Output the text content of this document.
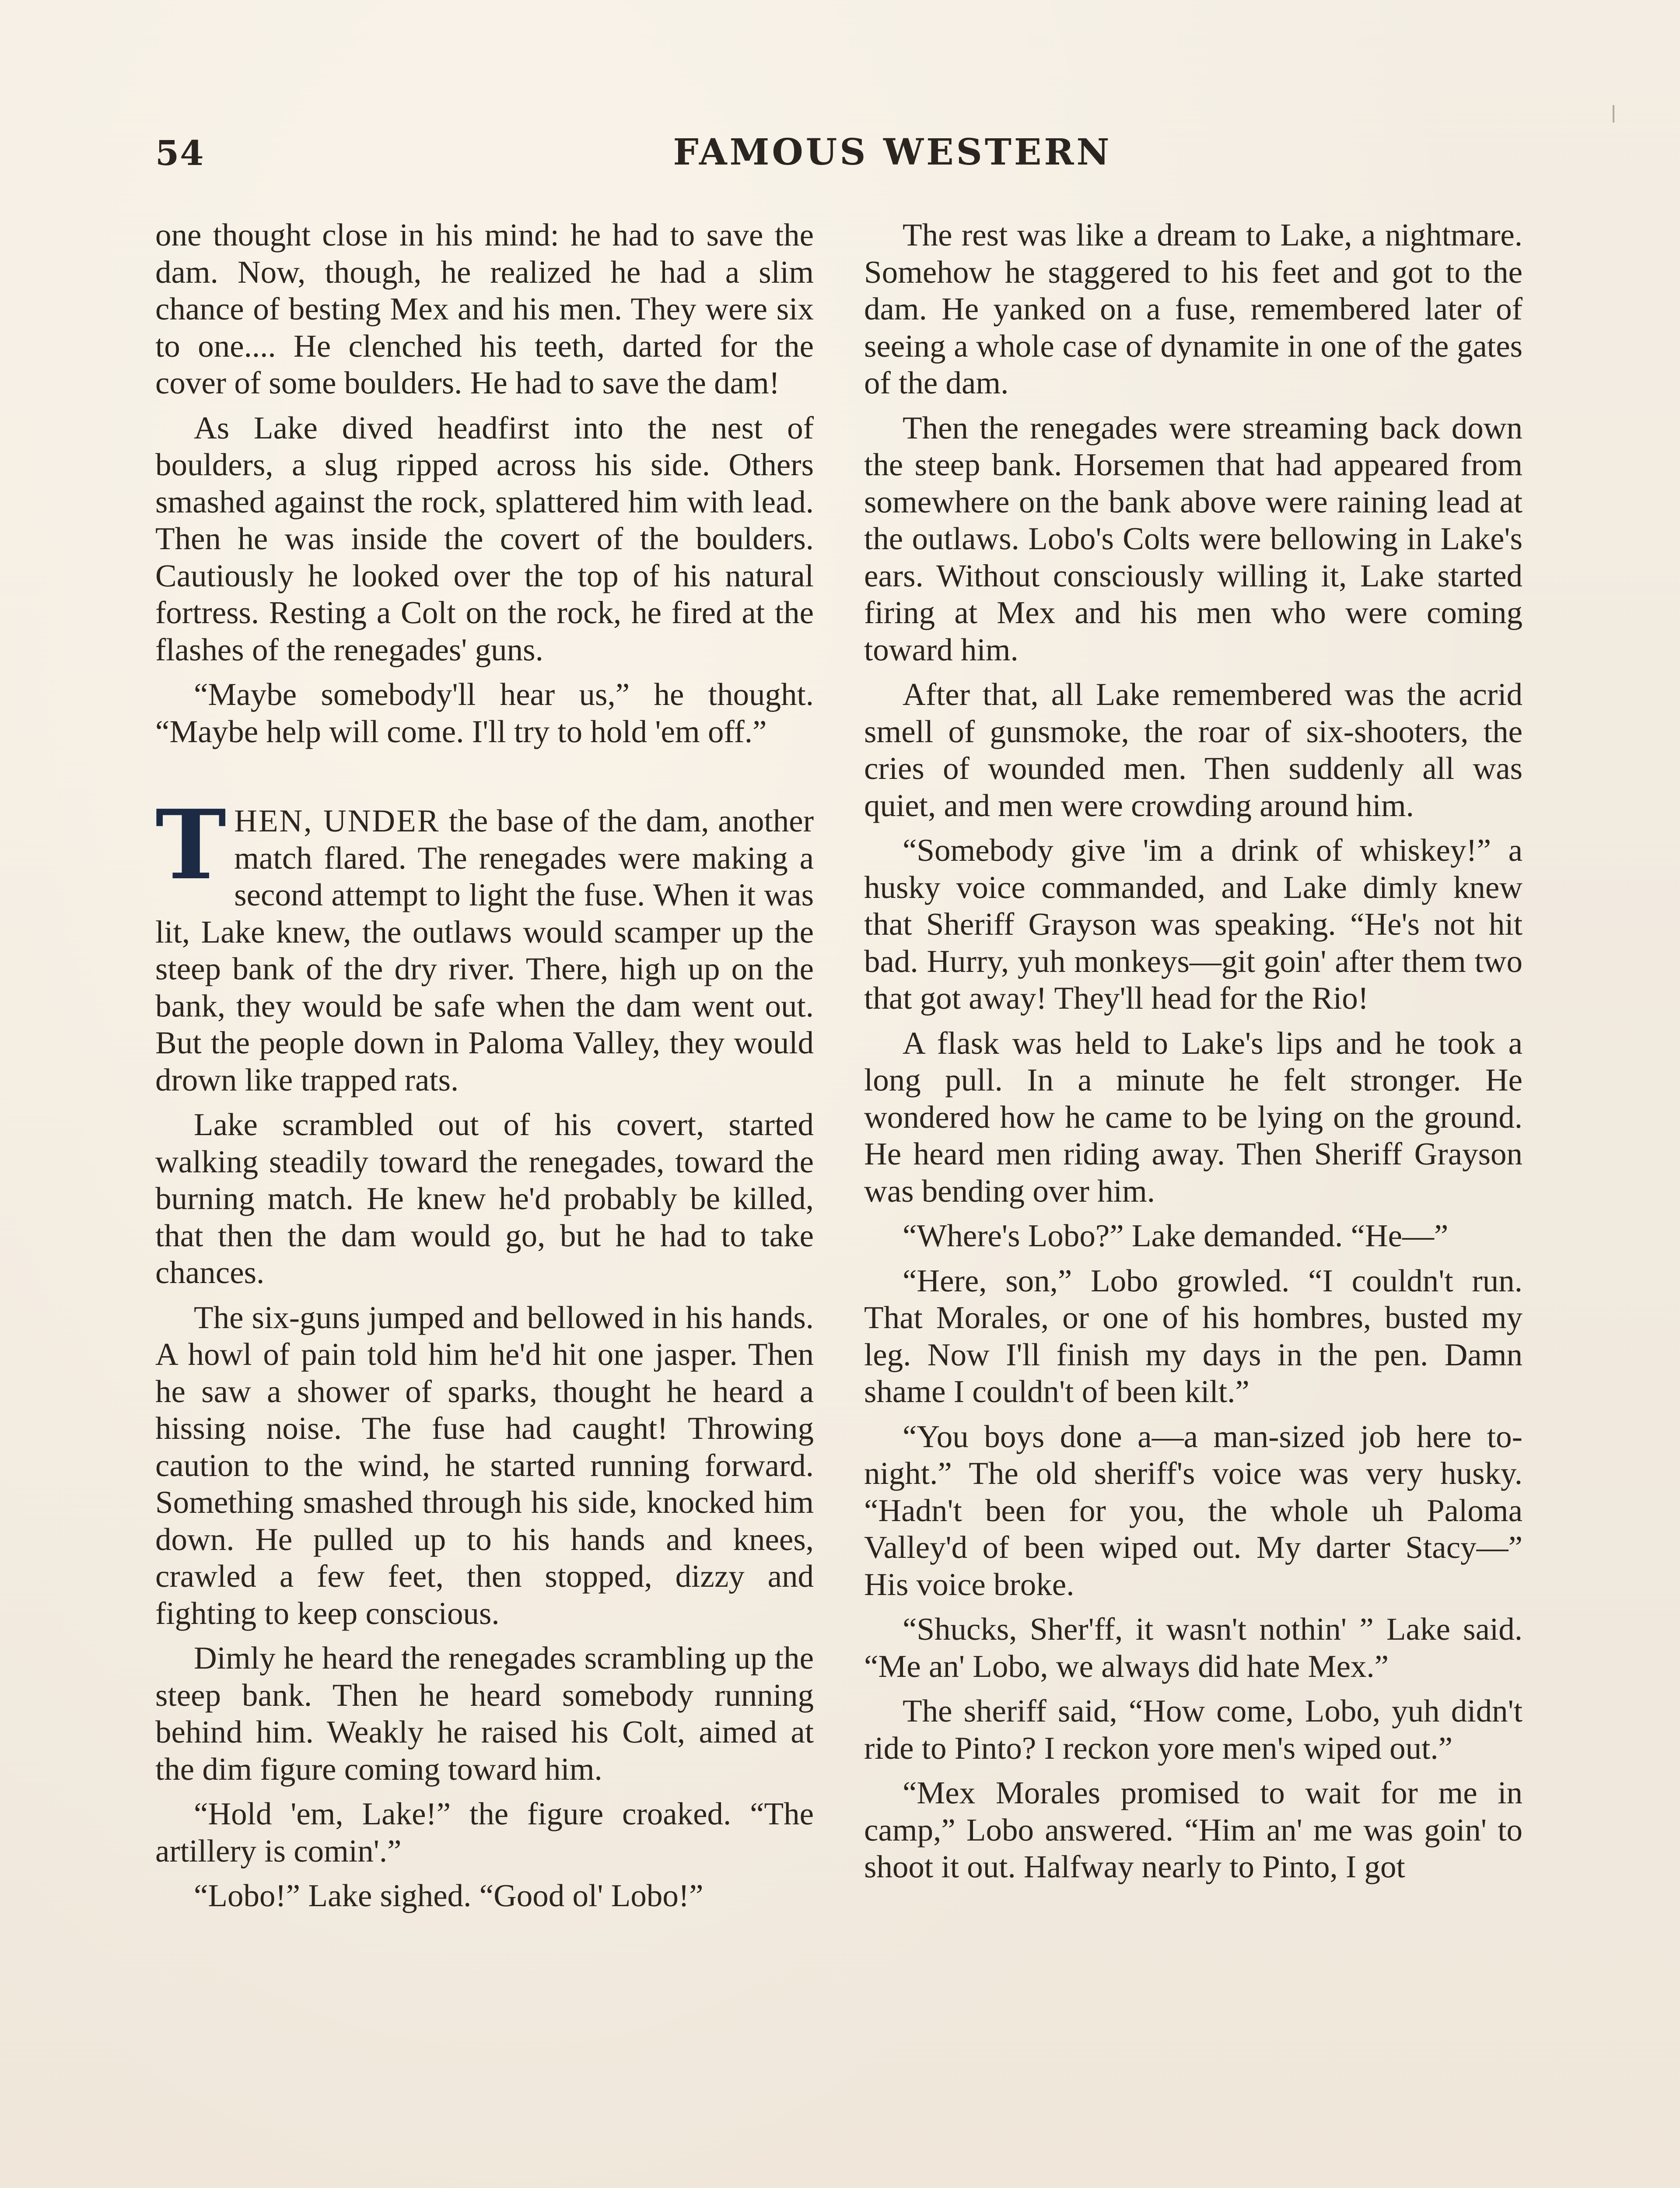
54	FAMOUS WESTERN

one thought close in his mind: he had to save the dam. Now, though, he realized he had a slim chance of besting Mex and his men. They were six to one.... He clenched his teeth, darted for the cover of some boulders. He had to save the dam!

As Lake dived headfirst into the nest of boulders, a slug ripped across his side. Others smashed against the rock, splattered him with lead. Then he was inside the covert of the boulders. Cautiously he looked over the top of his natural fortress. Resting a Colt on the rock, he fired at the flashes of the renegades' guns.

“Maybe somebody'll hear us,” he thought. “Maybe help will come. I'll try to hold 'em off.”

THEN, UNDER the base of the dam, another match flared. The renegades were making a second attempt to light the fuse. When it was lit, Lake knew, the outlaws would scamper up the steep bank of the dry river. There, high up on the bank, they would be safe when the dam went out. But the people down in Paloma Valley, they would drown like trapped rats.

Lake scrambled out of his covert, started walking steadily toward the renegades, toward the burning match. He knew he'd probably be killed, that then the dam would go, but he had to take chances.

The six-guns jumped and bellowed in his hands. A howl of pain told him he'd hit one jasper. Then he saw a shower of sparks, thought he heard a hissing noise. The fuse had caught! Throwing caution to the wind, he started running forward. Something smashed through his side, knocked him down. He pulled up to his hands and knees, crawled a few feet, then stopped, dizzy and fighting to keep conscious.

Dimly he heard the renegades scrambling up the steep bank. Then he heard somebody running behind him. Weakly he raised his Colt, aimed at the dim figure coming toward him.

“Hold 'em, Lake!” the figure croaked. “The artillery is comin'.”

“Lobo!” Lake sighed. “Good ol' Lobo!”

The rest was like a dream to Lake, a nightmare. Somehow he staggered to his feet and got to the dam. He yanked on a fuse, remembered later of seeing a whole case of dynamite in one of the gates of the dam.

Then the renegades were streaming back down the steep bank. Horsemen that had appeared from somewhere on the bank above were raining lead at the outlaws. Lobo's Colts were bellowing in Lake's ears. Without consciously willing it, Lake started firing at Mex and his men who were coming toward him.

After that, all Lake remembered was the acrid smell of gunsmoke, the roar of six-shooters, the cries of wounded men. Then suddenly all was quiet, and men were crowding around him.

“Somebody give 'im a drink of whiskey!” a husky voice commanded, and Lake dimly knew that Sheriff Grayson was speaking. “He's not hit bad. Hurry, yuh monkeys—git goin' after them two that got away! They'll head for the Rio!

A flask was held to Lake's lips and he took a long pull. In a minute he felt stronger. He wondered how he came to be lying on the ground. He heard men riding away. Then Sheriff Grayson was bending over him.

“Where's Lobo?” Lake demanded. “He—”

“Here, son,” Lobo growled. “I couldn't run. That Morales, or one of his hombres, busted my leg. Now I'll finish my days in the pen. Damn shame I couldn't of been kilt.”

“You boys done a—a man-sized job here to-night.” The old sheriff's voice was very husky. “Hadn't been for you, the whole uh Paloma Valley'd of been wiped out. My darter Stacy—” His voice broke.

“Shucks, Sher'ff, it wasn't nothin' ” Lake said. “Me an' Lobo, we always did hate Mex.”

The sheriff said, “How come, Lobo, yuh didn't ride to Pinto? I reckon yore men's wiped out.”

“Mex Morales promised to wait for me in camp,” Lobo answered. “Him an' me was goin' to shoot it out. Halfway nearly to Pinto, I got
